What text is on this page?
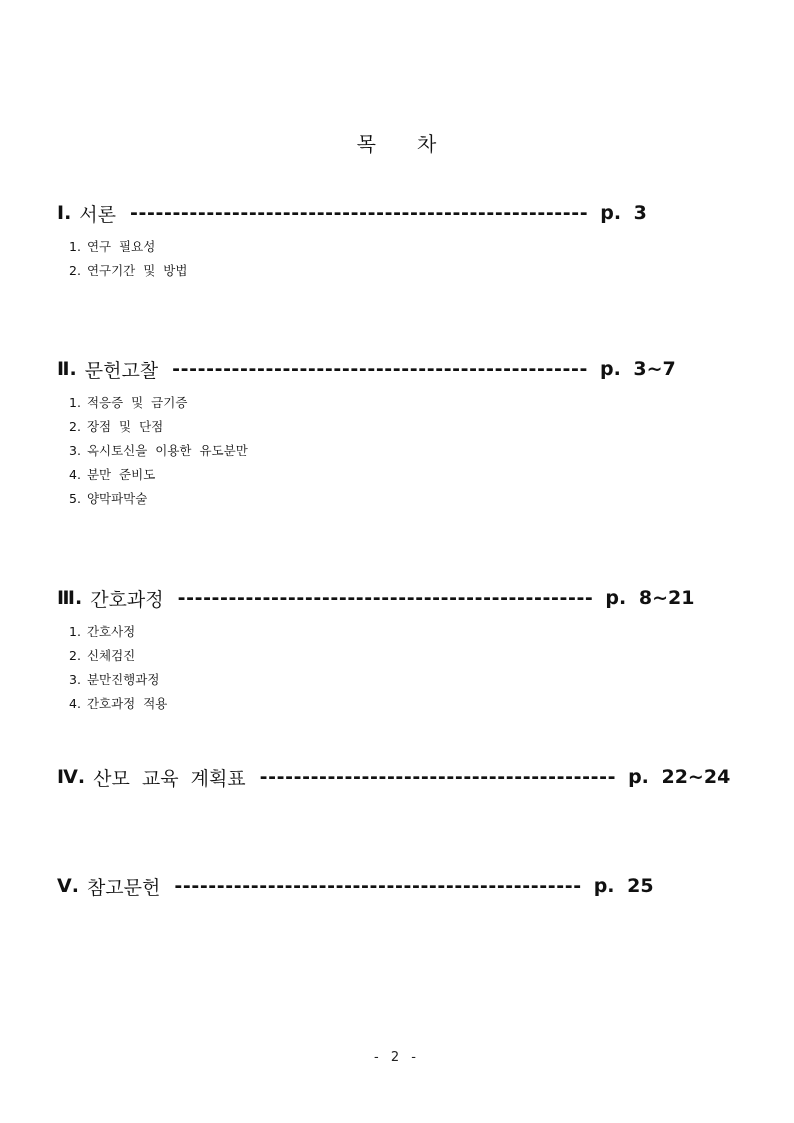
목 차
Ⅰ. 서론 ------------------------------------------------------ p. 3
1. 연구 필요성
2. 연구기간 및 방법
Ⅱ. 문헌고찰 ------------------------------------------------- p. 3~7
1. 적응증 및 금기증
2. 장점 및 단점
3. 옥시토신을 이용한 유도분만
4. 분만 준비도
5. 양막파막술
Ⅲ. 간호과정 ------------------------------------------------- p. 8~21
1. 간호사정
2. 신체검진
3. 분만진행과정
4. 간호과정 적용
Ⅳ. 산모 교육 계획표 ------------------------------------------ p. 22~24
Ⅴ. 참고문헌 ------------------------------------------------ p. 25
- 2 -
